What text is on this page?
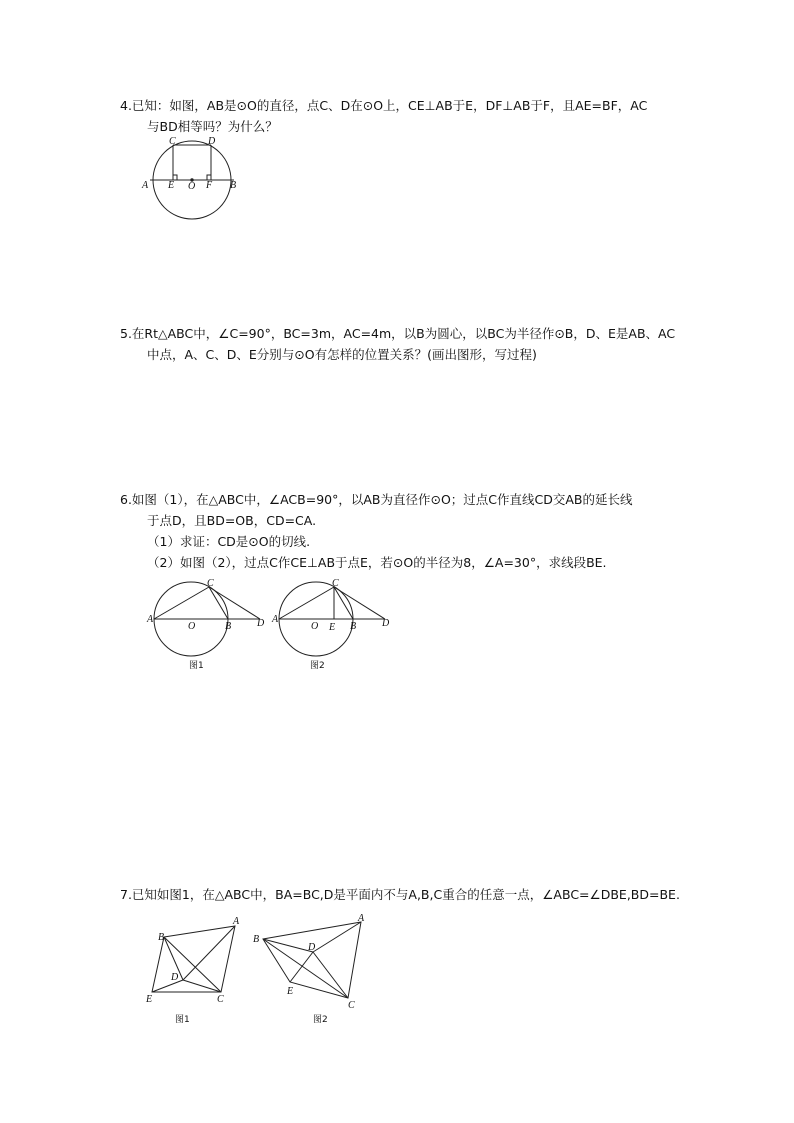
4.已知：如图，AB是⊙O的直径，点C、D在⊙O上，CE⊥AB于E，DF⊥AB于F，且AE=BF，AC
与BD相等吗？为什么？
A E O F B
C	D
5.在Rt△ABC中，∠C=90°，BC=3m，AC=4m，以B为圆心，以BC为半径作⊙B，D、E是AB、AC
中点，A、C、D、E分别与⊙O有怎样的位置关系？(画出图形，写过程)
6.如图（1），在△ABC中，∠ACB=90°，以AB为直径作⊙O；过点C作直线CD交AB的延长线
于点D，且BD=OB，CD=CA.
（1）求证：CD是⊙O的切线.
（2）如图（2），过点C作CE⊥AB于点E，若⊙O的半径为8，∠A=30°，求线段BE.
A
C
O	B	D
图1
A
C
O E B	D
图2
7.已知如图1，在△ABC中，BA=BC,D是平面内不与A,B,C重合的任意一点，∠ABC=∠DBE,BD=BE.
B
A
D
E	C
图1
B
A
D
E
C
图2
